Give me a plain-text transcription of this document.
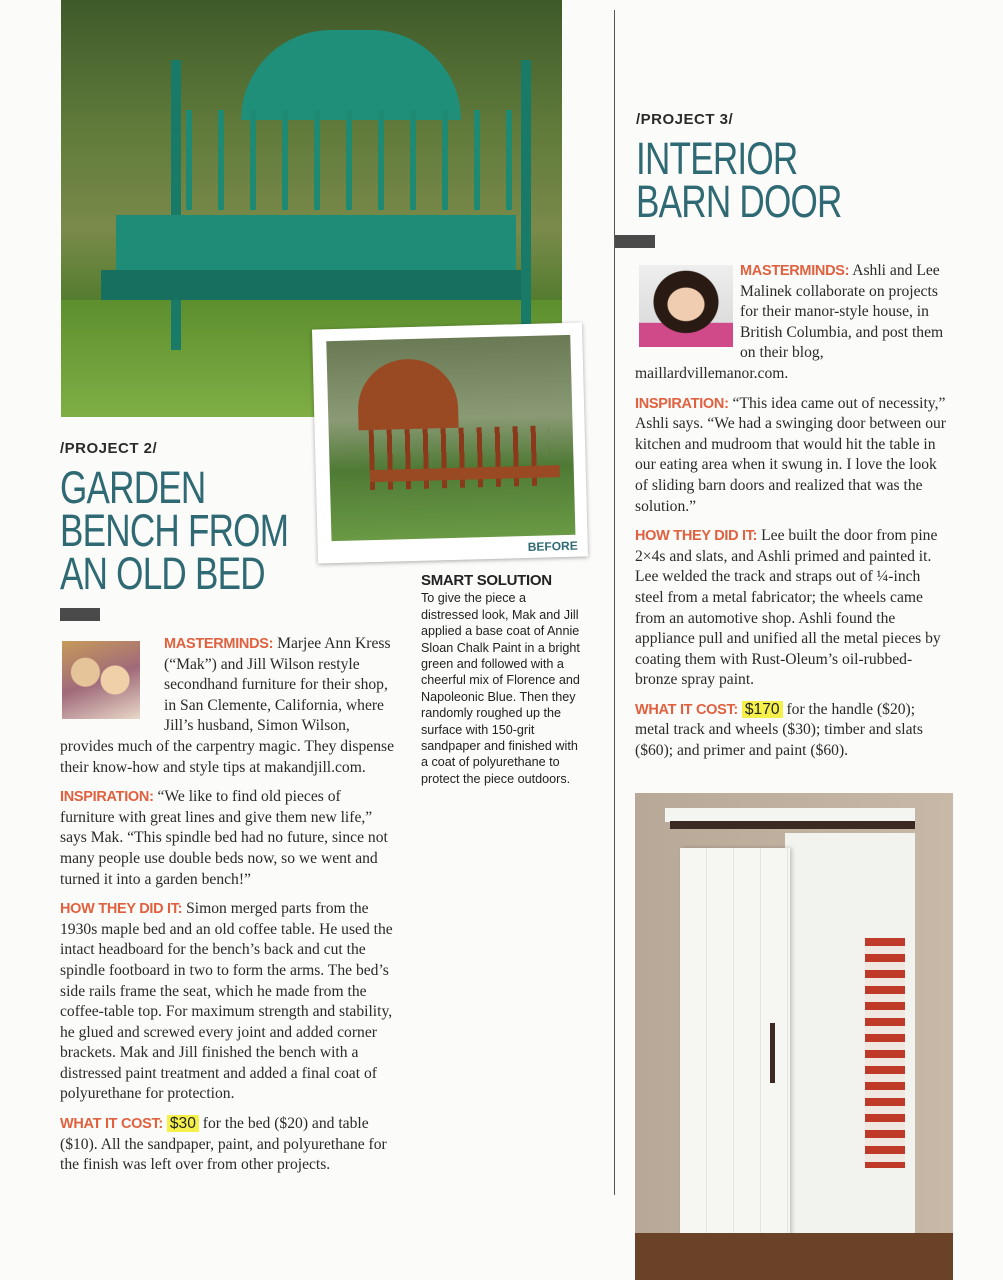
BEFORE
/PROJECT 2/
GARDEN
BENCH FROM
AN OLD BED

MASTERMINDS: Marjee Ann Kress (“Mak”) and Jill Wilson restyle secondhand furniture for their shop, in San Clemente, California, where Jill’s husband, Simon Wilson, provides much of the carpentry magic. They dispense their know-how and style tips at makandjill.com.

INSPIRATION: “We like to find old pieces of furniture with great lines and give them new life,” says Mak. “This spindle bed had no future, since not many people use double beds now, so we went and turned it into a garden bench!”

HOW THEY DID IT: Simon merged parts from the 1930s maple bed and an old coffee table. He used the intact headboard for the bench’s back and cut the spindle footboard in two to form the arms. The bed’s side rails frame the seat, which he made from the coffee-table top. For maximum strength and stability, he glued and screwed every joint and added corner brackets. Mak and Jill finished the bench with a distressed paint treatment and added a final coat of polyurethane for protection.

WHAT IT COST: $30 for the bed ($20) and table ($10). All the sandpaper, paint, and polyurethane for the finish was left over from other projects.

SMART SOLUTION
To give the piece a distressed look, Mak and Jill applied a base coat of Annie Sloan Chalk Paint in a bright green and followed with a cheerful mix of Florence and Napoleonic Blue. Then they randomly roughed up the surface with 150-grit sandpaper and finished with a coat of polyurethane to protect the piece outdoors.
/PROJECT 3/
INTERIOR
BARN DOOR

MASTERMINDS: Ashli and Lee Malinek collaborate on projects for their manor-style house, in British Columbia, and post them on their blog, maillardvillemanor.com.

INSPIRATION: “This idea came out of necessity,” Ashli says. “We had a swinging door between our kitchen and mudroom that would hit the table in our eating area when it swung in. I love the look of sliding barn doors and realized that was the solution.”

HOW THEY DID IT: Lee built the door from pine 2×4s and slats, and Ashli primed and painted it. Lee welded the track and straps out of ¼-inch steel from a metal fabricator; the wheels came from an automotive shop. Ashli found the appliance pull and unified all the metal pieces by coating them with Rust-Oleum’s oil-rubbed-bronze spray paint.

WHAT IT COST: $170 for the handle ($20); metal track and wheels ($30); timber and slats ($60); and primer and paint ($60).
